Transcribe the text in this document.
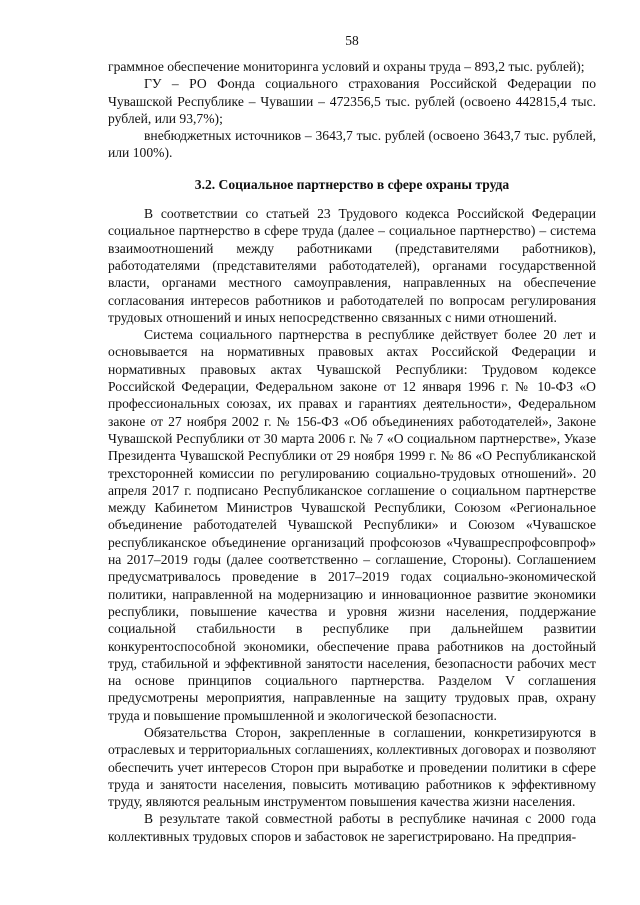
58

граммное обеспечение мониторинга условий и охраны труда – 893,2 тыс. рублей);

ГУ – РО Фонда социального страхования Российской Федерации по Чувашской Республике – Чувашии – 472356,5 тыс. рублей (освоено 442815,4 тыс. рублей, или 93,7%);

внебюджетных источников – 3643,7 тыс. рублей (освоено 3643,7 тыс. рублей, или 100%).

3.2. Социальное партнерство в сфере охраны труда

В соответствии со статьей 23 Трудового кодекса Российской Федерации социальное партнерство в сфере труда (далее – социальное партнерство) – система взаимоотношений между работниками (представителями работников), работодателями (представителями работодателей), органами государственной власти, органами местного самоуправления, направленных на обеспечение согласования интересов работников и работодателей по вопросам регулирования трудовых отношений и иных непосредственно связанных с ними отношений.

Система социального партнерства в республике действует более 20 лет и основывается на нормативных правовых актах Российской Федерации и нормативных правовых актах Чувашской Республики: Трудовом кодексе Российской Федерации, Федеральном законе от 12 января 1996 г. № 10-ФЗ «О профессиональных союзах, их правах и гарантиях деятельности», Федеральном законе от 27 ноября 2002 г. № 156-ФЗ «Об объединениях работодателей», Законе Чувашской Республики от 30 марта 2006 г. № 7 «О социальном партнерстве», Указе Президента Чувашской Республики от 29 ноября 1999 г. № 86 «О Республиканской трехсторонней комиссии по регулированию социально-трудовых отношений». 20 апреля 2017 г. подписано Республиканское соглашение о социальном партнерстве между Кабинетом Министров Чувашской Республики, Союзом «Региональное объединение работодателей Чувашской Республики» и Союзом «Чувашское республиканское объединение организаций профсоюзов «Чувашреспрофсовпроф» на 2017–2019 годы (далее соответственно – соглашение, Стороны). Соглашением предусматривалось проведение в 2017–2019 годах социально-экономической политики, направленной на модернизацию и инновационное развитие экономики республики, повышение качества и уровня жизни населения, поддержание социальной стабильности в республике при дальнейшем развитии конкурентоспособной экономики, обеспечение права работников на достойный труд, стабильной и эффективной занятости населения, безопасности рабочих мест на основе принципов социального партнерства. Разделом V соглашения предусмотрены мероприятия, направленные на защиту трудовых прав, охрану труда и повышение промышленной и экологической безопасности.

Обязательства Сторон, закрепленные в соглашении, конкретизируются в отраслевых и территориальных соглашениях, коллективных договорах и позволяют обеспечить учет интересов Сторон при выработке и проведении политики в сфере труда и занятости населения, повысить мотивацию работников к эффективному труду, являются реальным инструментом повышения качества жизни населения.

В результате такой совместной работы в республике начиная с 2000 года коллективных трудовых споров и забастовок не зарегистрировано. На предприя-
